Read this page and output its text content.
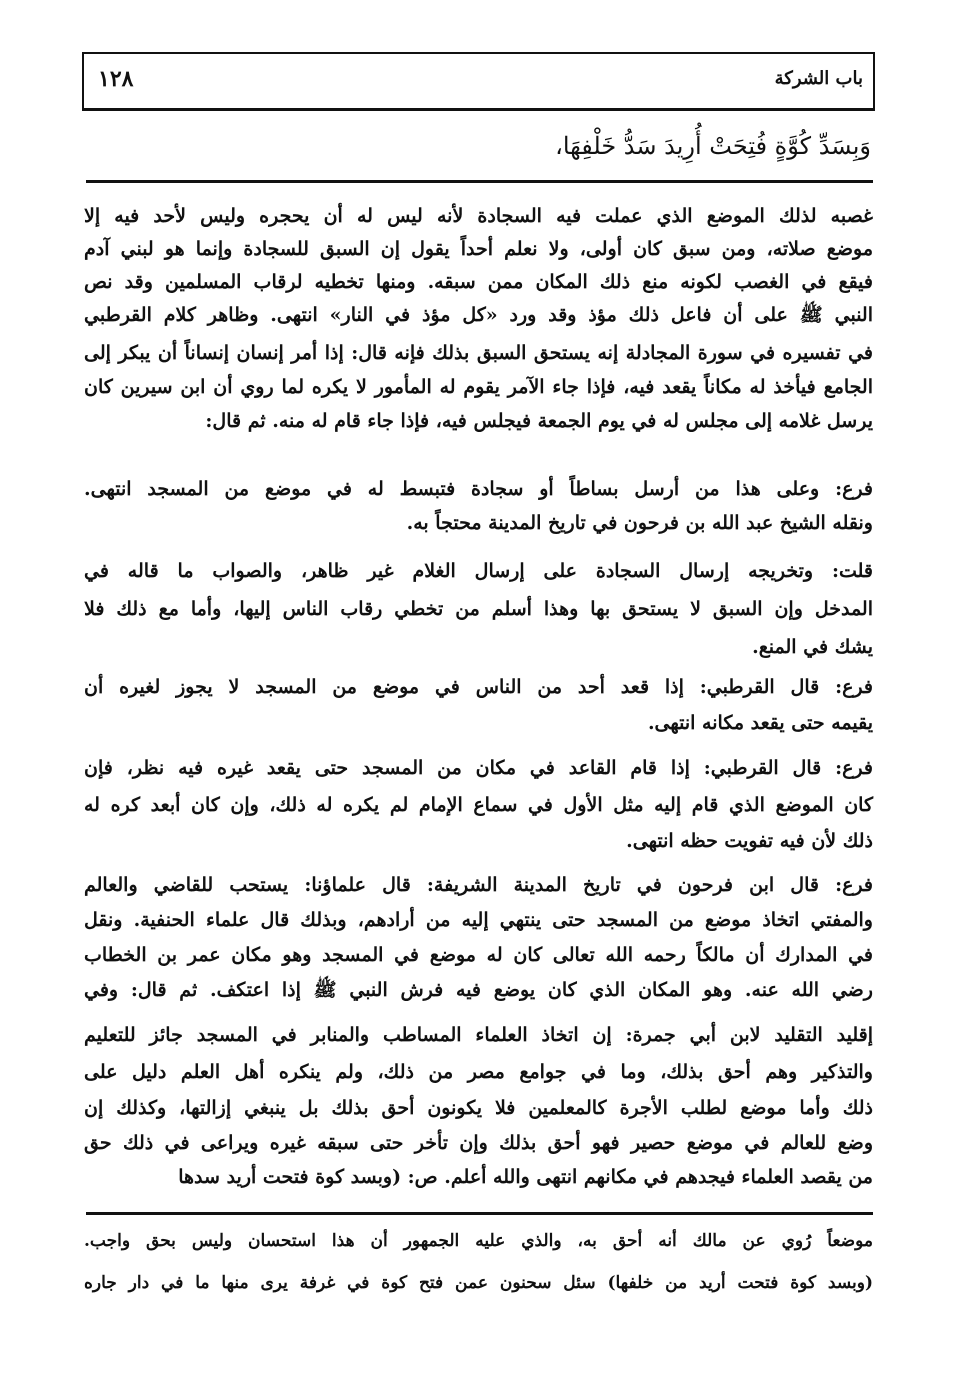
باب الشركة
١٢٨
وَبِسَدِّ كُوَّةٍ فُتِحَتْ أُرِيدَ سَدُّ خَلْفِهَا،
غصبه لذلك الموضع الذي عملت فيه السجادة لأنه ليس له أن يحجره وليس لأحد فيه إلا
موضع صلاته، ومن سبق كان أولى، ولا نعلم أحداً يقول إن السبق للسجادة وإنما هو لبني آدم
فيقع في الغصب لكونه منع ذلك المكان ممن سبقه. ومنها تخطيه لرقاب المسلمين وقد نص
النبي ﷺ على أن فاعل ذلك مؤذ وقد ورد «كل مؤذ في النار» انتهى. وظاهر كلام القرطبي
في تفسيره في سورة المجادلة إنه يستحق السبق بذلك فإنه قال: إذا أمر إنسان إنساناً أن يبكر إلى
الجامع فيأخذ له مكاناً يقعد فيه، فإذا جاء الآمر يقوم له المأمور لا يكره لما روي أن ابن سيرين كان
يرسل غلامه إلى مجلس له في يوم الجمعة فيجلس فيه، فإذا جاء قام له منه. ثم قال:
فرع: وعلى هذا من أرسل بساطاً أو سجادة فتبسط له في موضع من المسجد انتهى.
ونقله الشيخ عبد الله بن فرحون في تاريخ المدينة محتجاً به.
قلت: وتخريجه إرسال السجادة على إرسال الغلام غير ظاهر، والصواب ما قاله في
المدخل وإن السبق لا يستحق بها وهذا أسلم من تخطي رقاب الناس إليها، وأما مع ذلك فلا
يشك في المنع.
فرع: قال القرطبي: إذا قعد أحد من الناس في موضع من المسجد لا يجوز لغيره أن
يقيمه حتى يقعد مكانه انتهى.
فرع: قال القرطبي: إذا قام القاعد في مكان من المسجد حتى يقعد غيره فيه نظر، فإن
كان الموضع الذي قام إليه مثل الأول في سماع الإمام لم يكره له ذلك، وإن كان أبعد كره له
ذلك لأن فيه تفويت حظه انتهى.
فرع: قال ابن فرحون في تاريخ المدينة الشريفة: قال علماؤنا: يستحب للقاضي والعالم
والمفتي اتخاذ موضع من المسجد حتى ينتهي إليه من أرادهم، وبذلك قال علماء الحنفية. ونقل
في المدارك أن مالكاً رحمه الله تعالى كان له موضع في المسجد وهو مكان عمر بن الخطاب
رضي الله عنه. وهو المكان الذي كان يوضع فيه فرش النبي ﷺ إذا اعتكف. ثم قال: وفي
إقليد التقليد لابن أبي جمرة: إن اتخاذ العلماء المساطب والمنابر في المسجد جائز للتعليم
والتذكير وهم أحق بذلك، وما في جوامع مصر من ذلك، ولم ينكره أهل العلم دليل على
ذلك وأما موضع لطلب الأجرة كالمعلمين فلا يكونون أحق بذلك بل ينبغي إزالتها، وكذلك إن
وضع للعالم في موضع حصير فهو أحق بذلك وإن تأخر حتى سبقه غيره ويراعى في ذلك حق
من يقصد العلماء فيجدهم في مكانهم انتهى والله أعلم. ص: (وبسد كوة فتحت أريد سدها
موضعاً رُوي عن مالك أنه أحق به، والذي عليه الجمهور أن هذا استحسان وليس بحق واجب.
(وبسد كوة فتحت أريد من خلفها) سئل سحنون عمن فتح كوة في غرفة يرى منها ما في دار جاره
